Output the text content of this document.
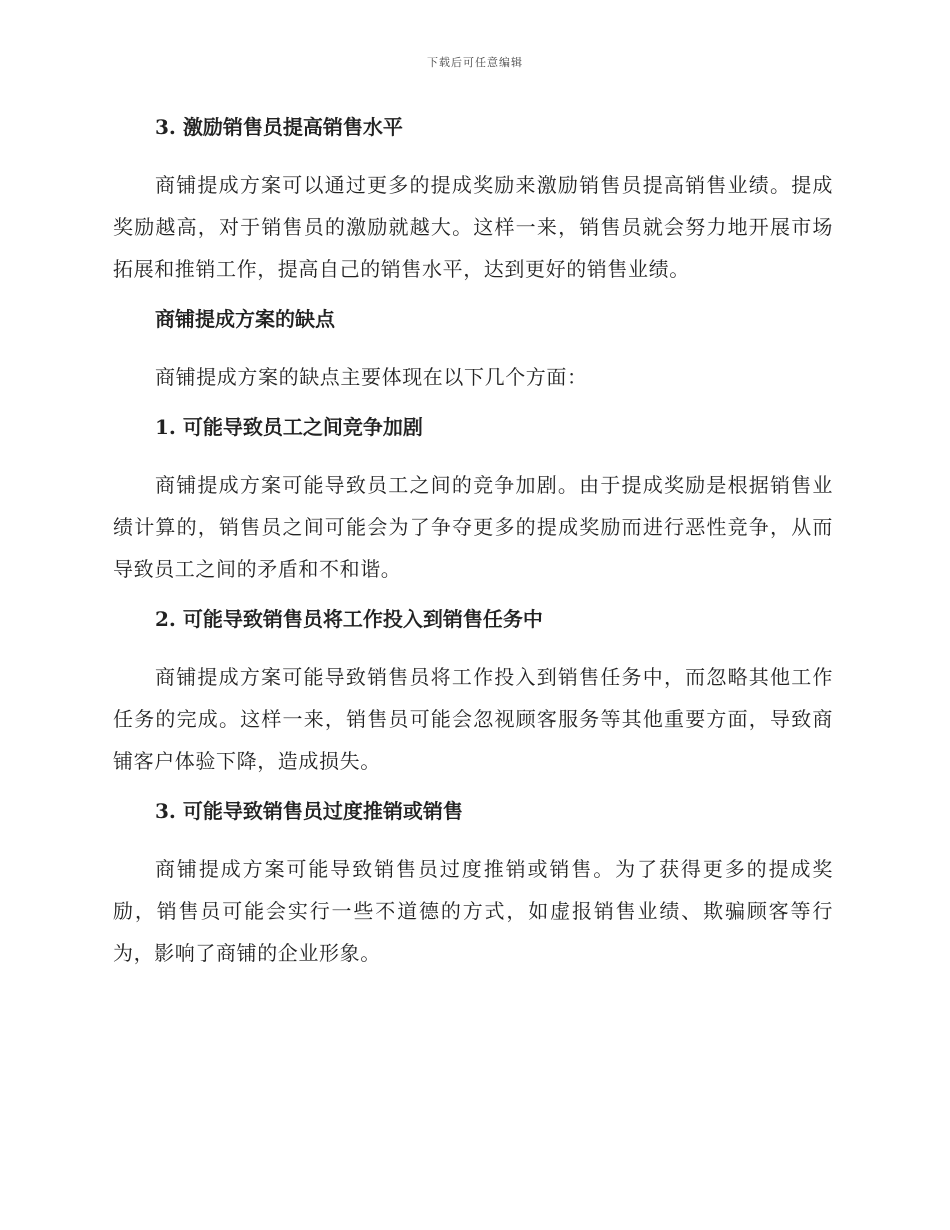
下载后可任意编辑
3. 激励销售员提高销售水平

商铺提成方案可以通过更多的提成奖励来激励销售员提高销售业绩。提成奖励越高，对于销售员的激励就越大。这样一来，销售员就会努力地开展市场拓展和推销工作，提高自己的销售水平，达到更好的销售业绩。

商铺提成方案的缺点

商铺提成方案的缺点主要体现在以下几个方面：

1. 可能导致员工之间竞争加剧

商铺提成方案可能导致员工之间的竞争加剧。由于提成奖励是根据销售业绩计算的，销售员之间可能会为了争夺更多的提成奖励而进行恶性竞争，从而导致员工之间的矛盾和不和谐。

2. 可能导致销售员将工作投入到销售任务中

商铺提成方案可能导致销售员将工作投入到销售任务中，而忽略其他工作任务的完成。这样一来，销售员可能会忽视顾客服务等其他重要方面，导致商铺客户体验下降，造成损失。

3. 可能导致销售员过度推销或销售

商铺提成方案可能导致销售员过度推销或销售。为了获得更多的提成奖励，销售员可能会实行一些不道德的方式，如虚报销售业绩、欺骗顾客等行为，影响了商铺的企业形象。
